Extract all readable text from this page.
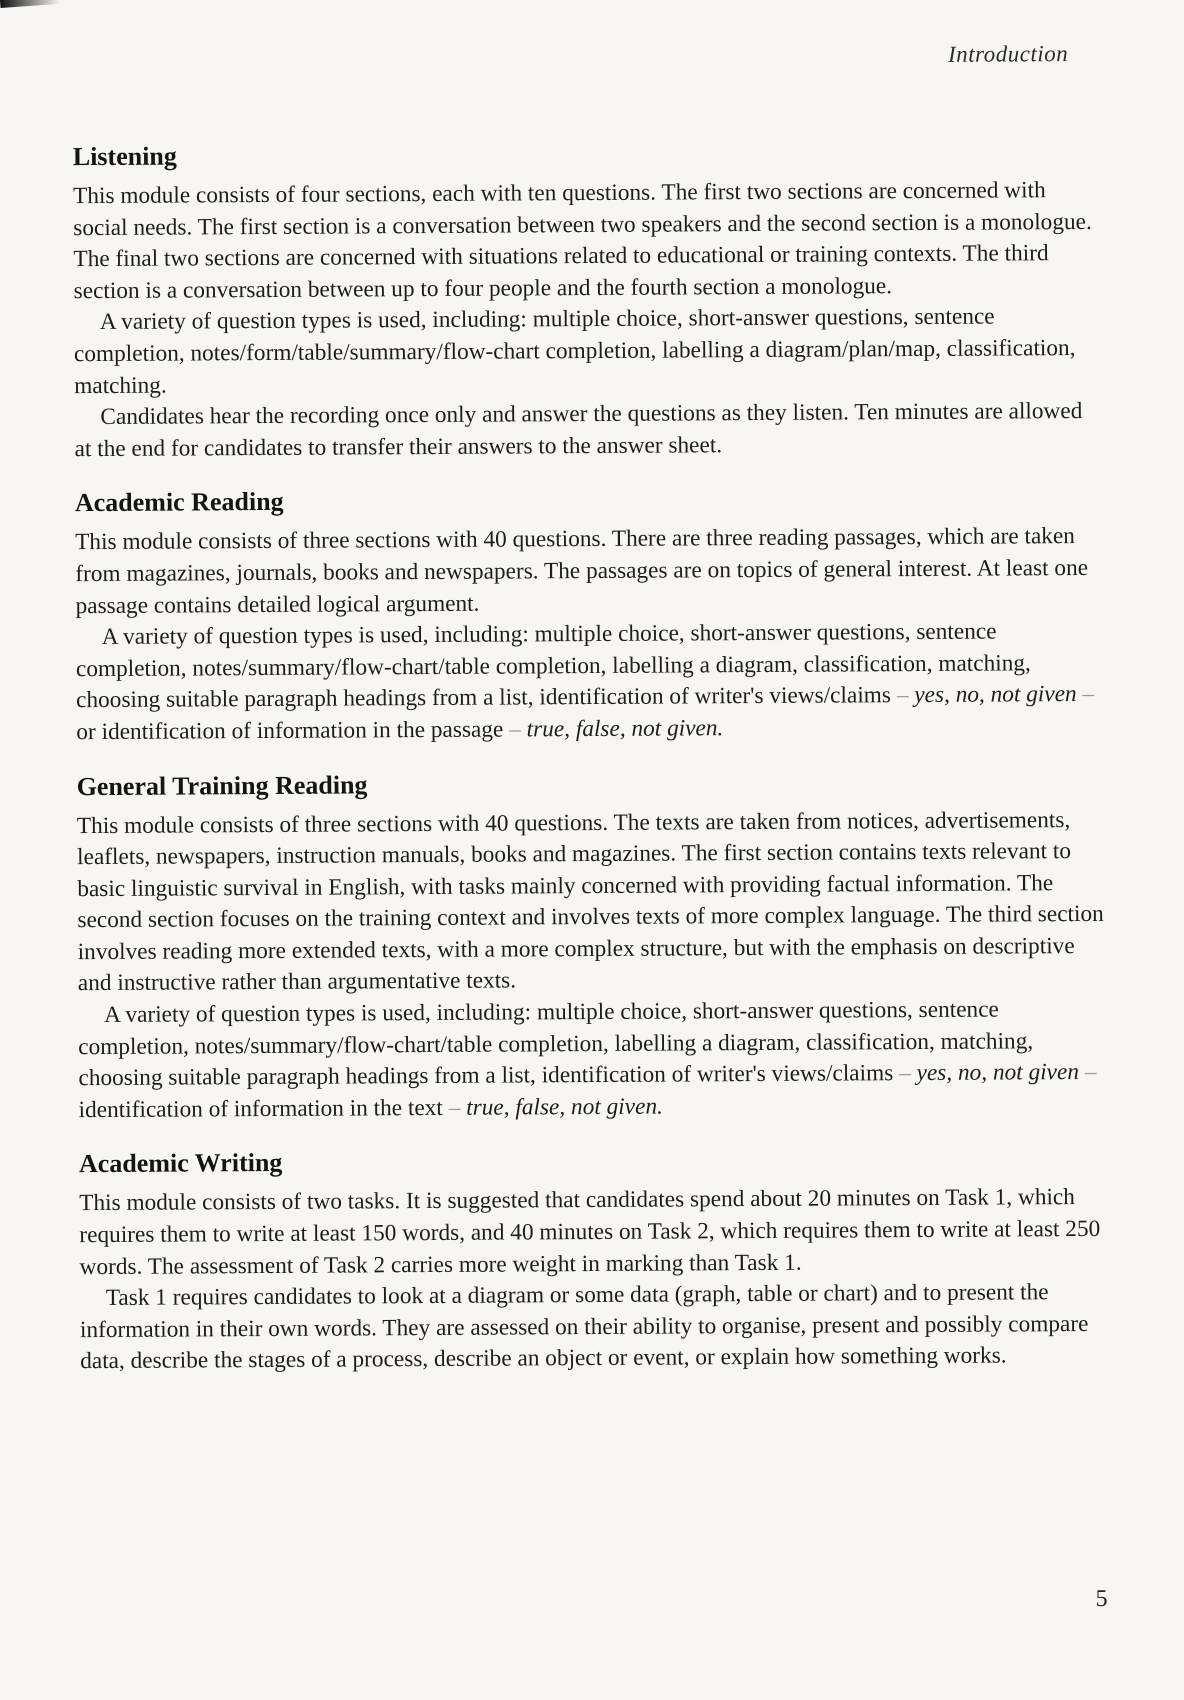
Introduction
Listening

This module consists of four sections, each with ten questions. The first two sections are concerned with social needs. The first section is a conversation between two speakers and the second section is a monologue. The final two sections are concerned with situations related to educational or training contexts. The third section is a conversation between up to four people and the fourth section a monologue.

A variety of question types is used, including: multiple choice, short-answer questions, sentence completion, notes/form/table/summary/flow-chart completion, labelling a diagram/plan/map, classification, matching.

Candidates hear the recording once only and answer the questions as they listen. Ten minutes are allowed at the end for candidates to transfer their answers to the answer sheet.

Academic Reading

This module consists of three sections with 40 questions. There are three reading passages, which are taken from magazines, journals, books and newspapers. The passages are on topics of general interest. At least one passage contains detailed logical argument.

A variety of question types is used, including: multiple choice, short-answer questions, sentence completion, notes/summary/flow-chart/table completion, labelling a diagram, classification, matching, choosing suitable paragraph headings from a list, identification of writer's views/claims – yes, no, not given – or identification of information in the passage – true, false, not given.

General Training Reading

This module consists of three sections with 40 questions. The texts are taken from notices, advertisements, leaflets, newspapers, instruction manuals, books and magazines. The first section contains texts relevant to basic linguistic survival in English, with tasks mainly concerned with providing factual information. The second section focuses on the training context and involves texts of more complex language. The third section involves reading more extended texts, with a more complex structure, but with the emphasis on descriptive and instructive rather than argumentative texts.

A variety of question types is used, including: multiple choice, short-answer questions, sentence completion, notes/summary/flow-chart/table completion, labelling a diagram, classification, matching, choosing suitable paragraph headings from a list, identification of writer's views/claims – yes, no, not given – identification of information in the text – true, false, not given.

Academic Writing

This module consists of two tasks. It is suggested that candidates spend about 20 minutes on Task 1, which requires them to write at least 150 words, and 40 minutes on Task 2, which requires them to write at least 250 words. The assessment of Task 2 carries more weight in marking than Task 1.

Task 1 requires candidates to look at a diagram or some data (graph, table or chart) and to present the information in their own words. They are assessed on their ability to organise, present and possibly compare data, describe the stages of a process, describe an object or event, or explain how something works.

5
